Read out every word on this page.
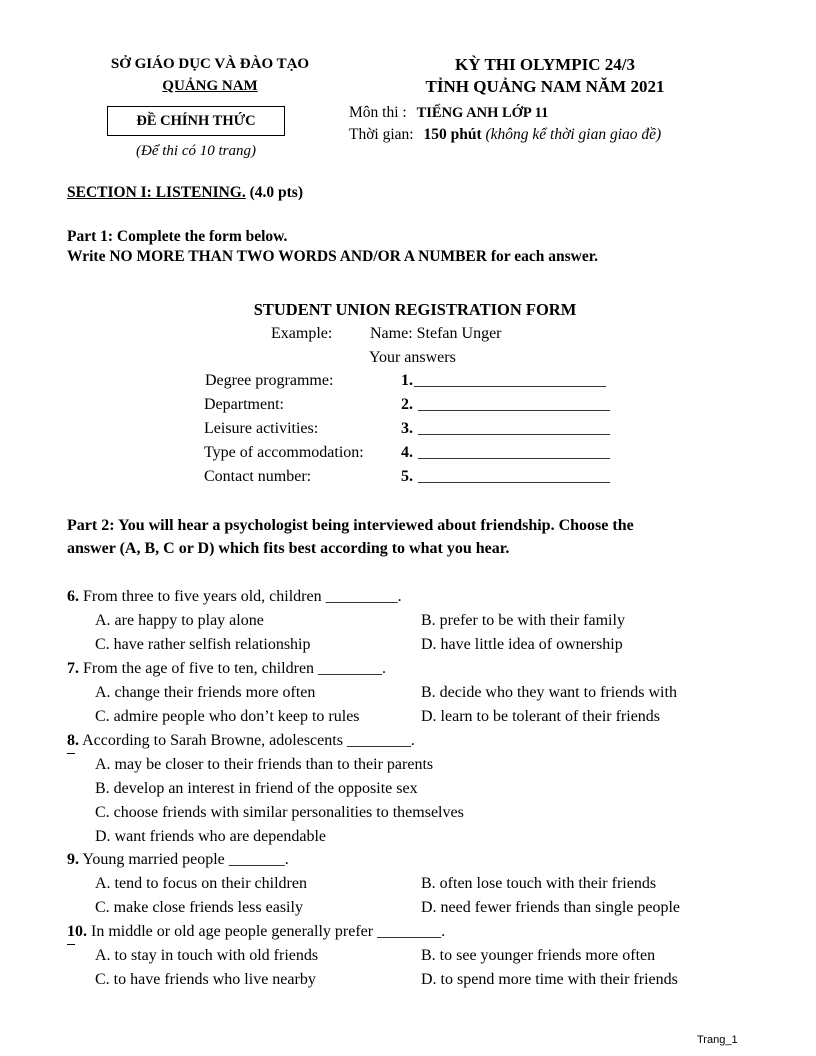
SỞ GIÁO DỤC VÀ ĐÀO TẠO
QUẢNG NAM
ĐỀ CHÍNH THỨC
(Để thi có 10 trang)
KỲ THI OLYMPIC 24/3
TỈNH QUẢNG NAM NĂM 2021
Môn thi : TIẾNG ANH LỚP 11
Thời gian: 150 phút (không kể thời gian giao đề)
SECTION I: LISTENING. (4.0 pts)
Part 1: Complete the form below.
Write NO MORE THAN TWO WORDS AND/OR A NUMBER for each answer.
STUDENT UNION REGISTRATION FORM
Example: Name: Stefan Unger
Your answers
Degree programme:	1. ________________________
Department:	2. ________________________
Leisure activities:	3. ________________________
Type of accommodation: 4. ________________________
Contact number:	5. ________________________
Part 2: You will hear a psychologist being interviewed about friendship. Choose the
answer (A, B, C or D) which fits best according to what you hear.
6. From three to five years old, children _________.
A. are happy to play alone	B. prefer to be with their family
C. have rather selfish relationship	D. have little idea of ownership
7. From the age of five to ten, children ________.
A. change their friends more often	B. decide who they want to friends with
C. admire people who don’t keep to rules	D. learn to be tolerant of their friends
8. According to Sarah Browne, adolescents ________.
A. may be closer to their friends than to their parents
B. develop an interest in friend of the opposite sex
C. choose friends with similar personalities to themselves
D. want friends who are dependable
9. Young married people _______.
A. tend to focus on their children	B. often lose touch with their friends
C. make close friends less easily	D. need fewer friends than single people
10. In middle or old age people generally prefer ________.
A. to stay in touch with old friends	B. to see younger friends more often
C. to have friends who live nearby	D. to spend more time with their friends
Trang_1
